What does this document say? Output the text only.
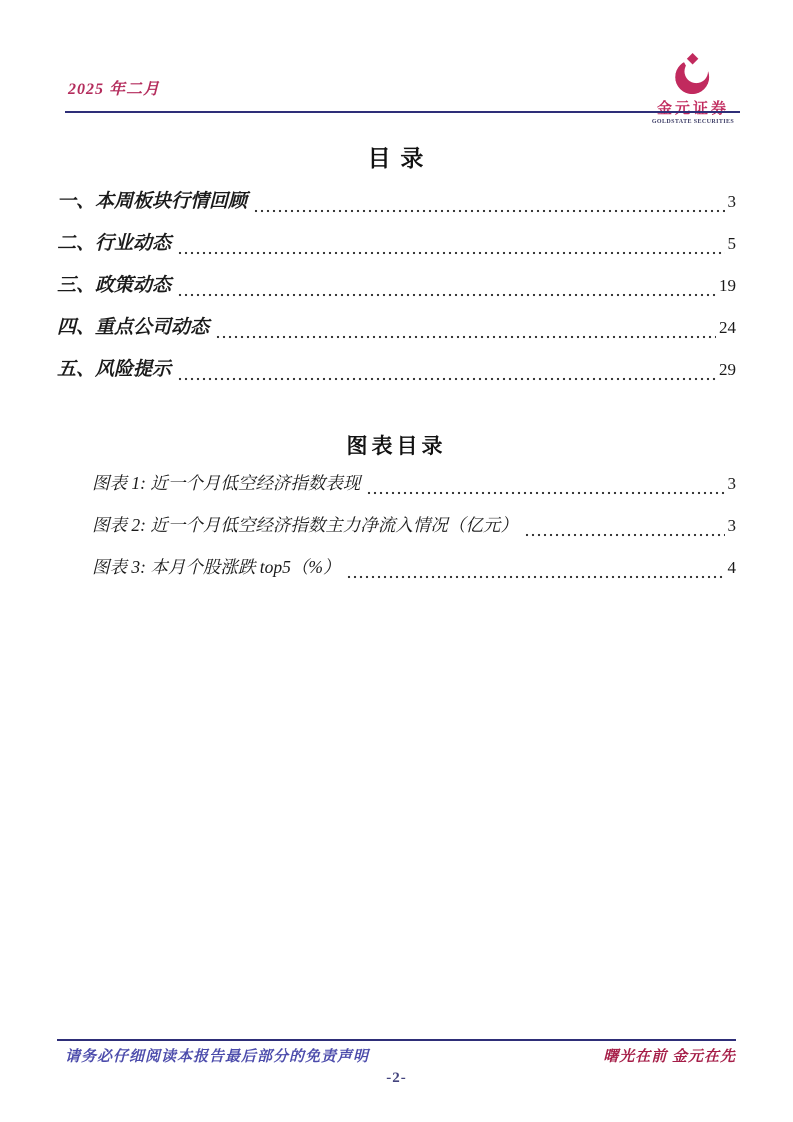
2025 年二月
金元证券
GOLDSTATE SECURITIES
目 录
一、本周板块行情回顾	3
二、行业动态	5
三、政策动态	19
四、重点公司动态	24
五、风险提示	29
图表目录
图表 1: 近一个月低空经济指数表现	3
图表 2: 近一个月低空经济指数主力净流入情况（亿元）	3
图表 3: 本月个股涨跌 top5（%）	4
请务必仔细阅读本报告最后部分的免责声明	曙光在前 金元在先
-2-
